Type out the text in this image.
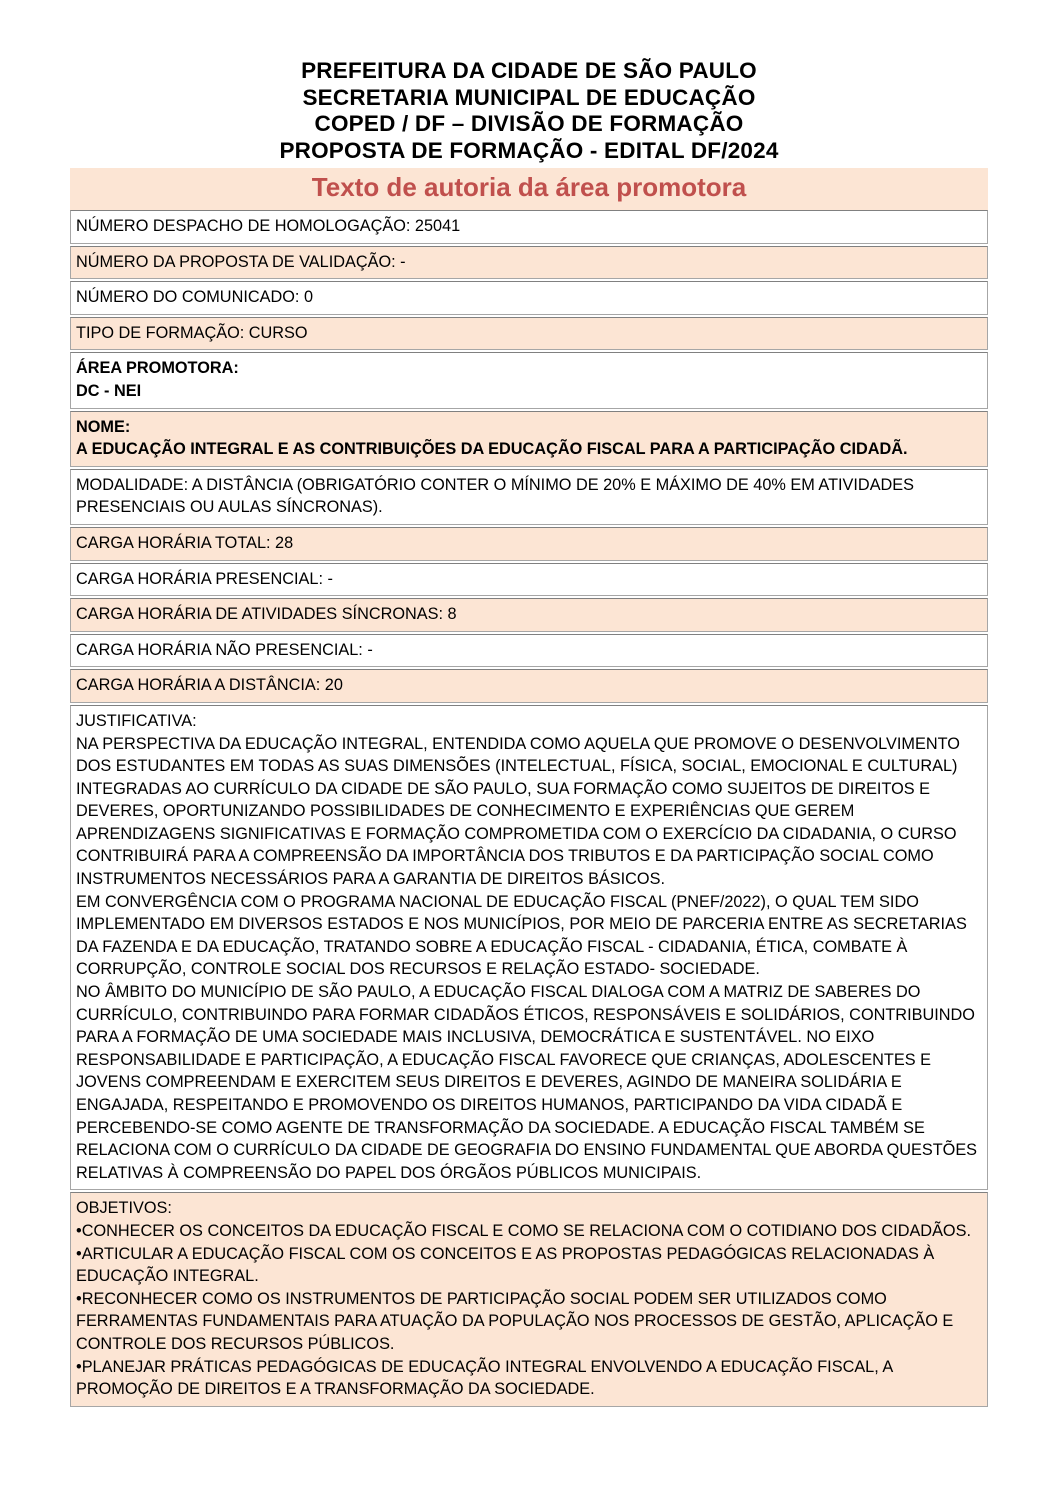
PREFEITURA DA CIDADE DE SÃO PAULO
SECRETARIA MUNICIPAL DE EDUCAÇÃO
COPED / DF – DIVISÃO DE FORMAÇÃO
PROPOSTA DE FORMAÇÃO - EDITAL DF/2024
Texto de autoria da área promotora

NÚMERO DESPACHO DE HOMOLOGAÇÃO: 25041

NÚMERO DA PROPOSTA DE VALIDAÇÃO: -

NÚMERO DO COMUNICADO: 0

TIPO DE FORMAÇÃO: CURSO

ÁREA PROMOTORA:

DC - NEI

NOME:

A EDUCAÇÃO INTEGRAL E AS CONTRIBUIÇÕES DA EDUCAÇÃO FISCAL PARA A PARTICIPAÇÃO CIDADÃ.

MODALIDADE: A DISTÂNCIA (OBRIGATÓRIO CONTER O MÍNIMO DE 20% E MÁXIMO DE 40% EM ATIVIDADES PRESENCIAIS OU AULAS SÍNCRONAS).

CARGA HORÁRIA TOTAL: 28

CARGA HORÁRIA PRESENCIAL: -

CARGA HORÁRIA DE ATIVIDADES SÍNCRONAS: 8

CARGA HORÁRIA NÃO PRESENCIAL: -

CARGA HORÁRIA A DISTÂNCIA: 20

JUSTIFICATIVA:

NA PERSPECTIVA DA EDUCAÇÃO INTEGRAL, ENTENDIDA COMO AQUELA QUE PROMOVE O DESENVOLVIMENTO DOS ESTUDANTES EM TODAS AS SUAS DIMENSÕES (INTELECTUAL, FÍSICA, SOCIAL, EMOCIONAL E CULTURAL) INTEGRADAS AO CURRÍCULO DA CIDADE DE SÃO PAULO, SUA FORMAÇÃO COMO SUJEITOS DE DIREITOS E DEVERES, OPORTUNIZANDO POSSIBILIDADES DE CONHECIMENTO E EXPERIÊNCIAS QUE GEREM APRENDIZAGENS SIGNIFICATIVAS E FORMAÇÃO COMPROMETIDA COM O EXERCÍCIO DA CIDADANIA, O CURSO CONTRIBUIRÁ PARA A COMPREENSÃO DA IMPORTÂNCIA DOS TRIBUTOS E DA PARTICIPAÇÃO SOCIAL COMO INSTRUMENTOS NECESSÁRIOS PARA A GARANTIA DE DIREITOS BÁSICOS.

EM CONVERGÊNCIA COM O PROGRAMA NACIONAL DE EDUCAÇÃO FISCAL (PNEF/2022), O QUAL TEM SIDO IMPLEMENTADO EM DIVERSOS ESTADOS E NOS MUNICÍPIOS, POR MEIO DE PARCERIA ENTRE AS SECRETARIAS DA FAZENDA E DA EDUCAÇÃO, TRATANDO SOBRE A EDUCAÇÃO FISCAL - CIDADANIA, ÉTICA, COMBATE À CORRUPÇÃO, CONTROLE SOCIAL DOS RECURSOS E RELAÇÃO ESTADO- SOCIEDADE.

NO ÂMBITO DO MUNICÍPIO DE SÃO PAULO, A EDUCAÇÃO FISCAL DIALOGA COM A MATRIZ DE SABERES DO CURRÍCULO, CONTRIBUINDO PARA FORMAR CIDADÃOS ÉTICOS, RESPONSÁVEIS E SOLIDÁRIOS, CONTRIBUINDO PARA A FORMAÇÃO DE UMA SOCIEDADE MAIS INCLUSIVA, DEMOCRÁTICA E SUSTENTÁVEL. NO EIXO RESPONSABILIDADE E PARTICIPAÇÃO, A EDUCAÇÃO FISCAL FAVORECE QUE CRIANÇAS, ADOLESCENTES E JOVENS COMPREENDAM E EXERCITEM SEUS DIREITOS E DEVERES, AGINDO DE MANEIRA SOLIDÁRIA E ENGAJADA, RESPEITANDO E PROMOVENDO OS DIREITOS HUMANOS, PARTICIPANDO DA VIDA CIDADÃ E PERCEBENDO-SE COMO AGENTE DE TRANSFORMAÇÃO DA SOCIEDADE. A EDUCAÇÃO FISCAL TAMBÉM SE RELACIONA COM O CURRÍCULO DA CIDADE DE GEOGRAFIA DO ENSINO FUNDAMENTAL QUE ABORDA QUESTÕES RELATIVAS À COMPREENSÃO DO PAPEL DOS ÓRGÃOS PÚBLICOS MUNICIPAIS.

OBJETIVOS:

•CONHECER OS CONCEITOS DA EDUCAÇÃO FISCAL E COMO SE RELACIONA COM O COTIDIANO DOS CIDADÃOS.

•ARTICULAR A EDUCAÇÃO FISCAL COM OS CONCEITOS E AS PROPOSTAS PEDAGÓGICAS RELACIONADAS À EDUCAÇÃO INTEGRAL.

•RECONHECER COMO OS INSTRUMENTOS DE PARTICIPAÇÃO SOCIAL PODEM SER UTILIZADOS COMO FERRAMENTAS FUNDAMENTAIS PARA ATUAÇÃO DA POPULAÇÃO NOS PROCESSOS DE GESTÃO, APLICAÇÃO E CONTROLE DOS RECURSOS PÚBLICOS.

•PLANEJAR PRÁTICAS PEDAGÓGICAS DE EDUCAÇÃO INTEGRAL ENVOLVENDO A EDUCAÇÃO FISCAL, A PROMOÇÃO DE DIREITOS E A TRANSFORMAÇÃO DA SOCIEDADE.
